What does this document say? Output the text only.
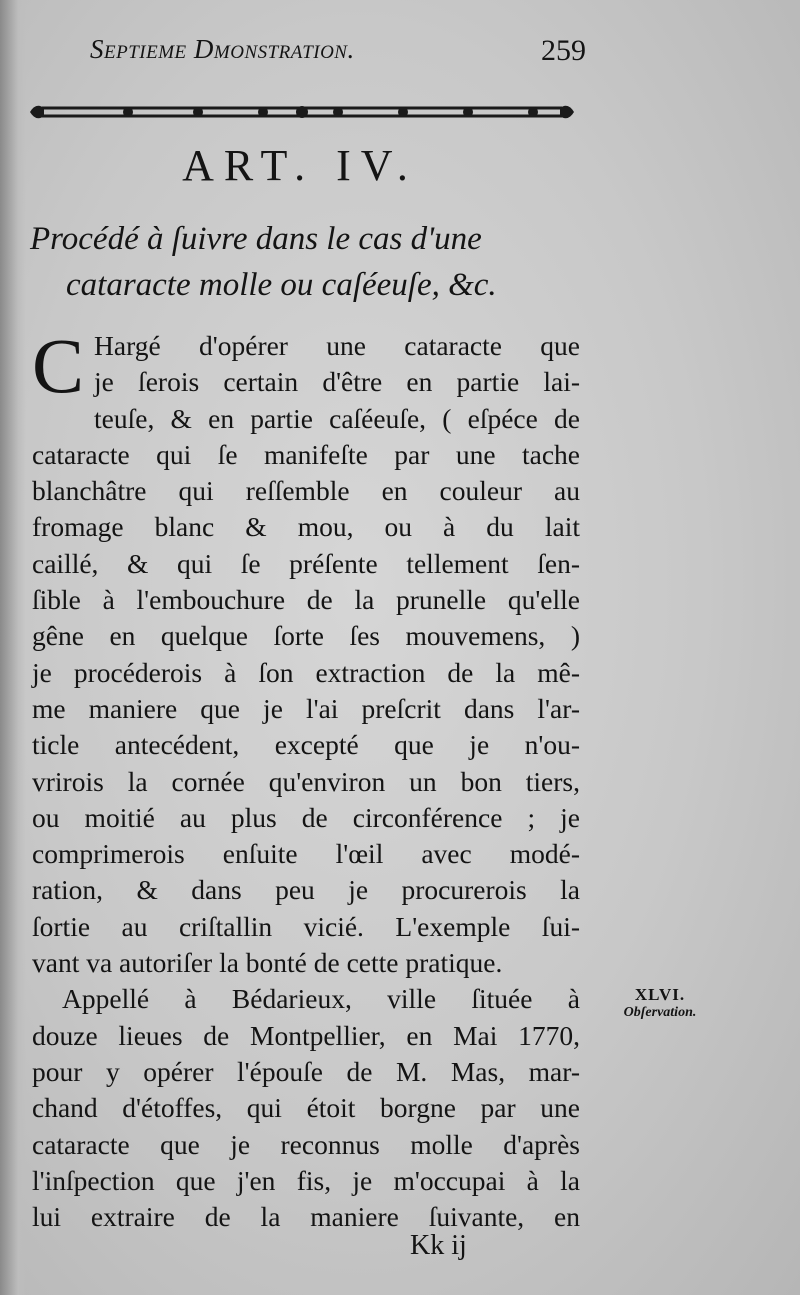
Septieme Dmonstration.	259
ART. IV.
Procédé à ſuivre dans le cas d'une
cataracte molle ou caſéeuſe, &c.
C Hargé d'opérer une cataracte que
je ſerois certain d'être en partie lai-
teuſe, & en partie caſéeuſe, ( eſpéce de
cataracte qui ſe manifeſte par une tache
blanchâtre qui reſſemble en couleur au
fromage blanc & mou, ou à du lait
caillé, & qui ſe préſente tellement ſen-
ſible à l'embouchure de la prunelle qu'elle
gêne en quelque ſorte ſes mouvemens, )
je procéderois à ſon extraction de la mê-
me maniere que je l'ai preſcrit dans l'ar-
ticle antecédent, excepté que je n'ou-
vrirois la cornée qu'environ un bon tiers,
ou moitié au plus de circonférence ; je
comprimerois enſuite l'œil avec modé-
ration, & dans peu je procurerois la
ſortie au criſtallin vicié. L'exemple ſui-
vant va autoriſer la bonté de cette pratique.
Appellé à Bédarieux, ville ſituée à
douze lieues de Montpellier, en Mai 1770,
pour y opérer l'épouſe de M. Mas, mar-
chand d'étoffes, qui étoit borgne par une
cataracte que je reconnus molle d'après
l'inſpection que j'en fis, je m'occupai à la
lui extraire de la maniere ſuivante, en
XLVI.
Obſervation.
Kk ij
